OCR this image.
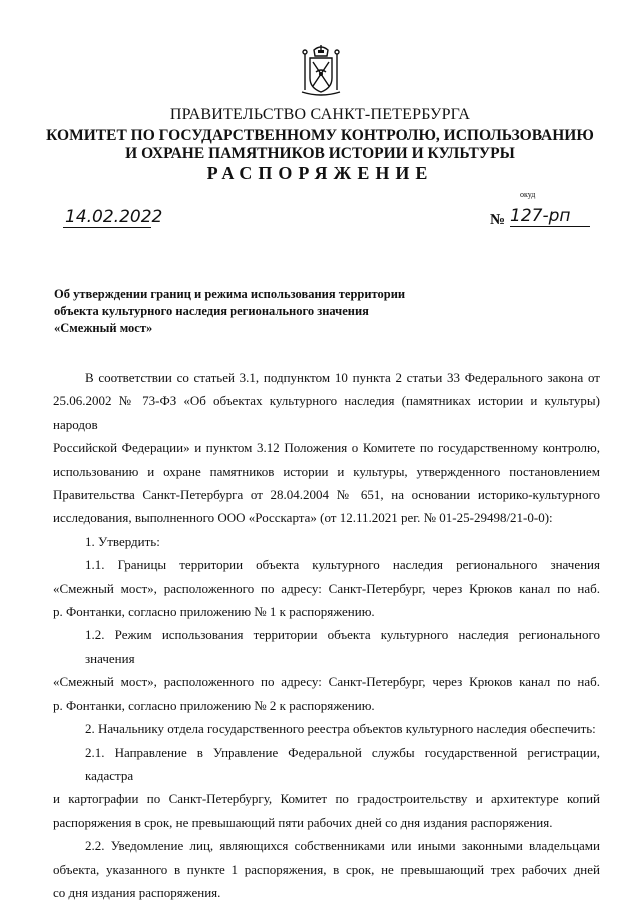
ПРАВИТЕЛЬСТВО САНКТ-ПЕТЕРБУРГА
КОМИТЕТ ПО ГОСУДАРСТВЕННОМУ КОНТРОЛЮ, ИСПОЛЬЗОВАНИЮ
И ОХРАНЕ ПАМЯТНИКОВ ИСТОРИИ И КУЛЬТУРЫ
РАСПОРЯЖЕНИЕ
окуд
14.02.2022	№ 127-рп
Об утверждении границ и режима использования территории
объекта культурного наследия регионального значения
«Смежный мост»
В соответствии со статьей 3.1, подпунктом 10 пункта 2 статьи 33 Федерального закона от
25.06.2002 № 73-ФЗ «Об объектах культурного наследия (памятниках истории и культуры) народов
Российской Федерации» и пунктом 3.12 Положения о Комитете по государственному контролю,
использованию и охране памятников истории и культуры, утвержденного постановлением
Правительства Санкт-Петербурга от 28.04.2004 № 651, на основании историко-культурного
исследования, выполненного ООО «Росскарта» (от 12.11.2021 рег. № 01-25-29498/21-0-0):
1. Утвердить:
1.1. Границы территории объекта культурного наследия регионального значения
«Смежный мост», расположенного по адресу: Санкт-Петербург, через Крюков канал по наб.
р. Фонтанки, согласно приложению № 1 к распоряжению.
1.2. Режим использования территории объекта культурного наследия регионального значения
«Смежный мост», расположенного по адресу: Санкт-Петербург, через Крюков канал по наб.
р. Фонтанки, согласно приложению № 2 к распоряжению.
2. Начальнику отдела государственного реестра объектов культурного наследия обеспечить:
2.1. Направление в Управление Федеральной службы государственной регистрации, кадастра
и картографии по Санкт-Петербургу, Комитет по градостроительству и архитектуре копий
распоряжения в срок, не превышающий пяти рабочих дней со дня издания распоряжения.
2.2. Уведомление лиц, являющихся собственниками или иными законными владельцами
объекта, указанного в пункте 1 распоряжения, в срок, не превышающий трех рабочих дней
со дня издания распоряжения.
